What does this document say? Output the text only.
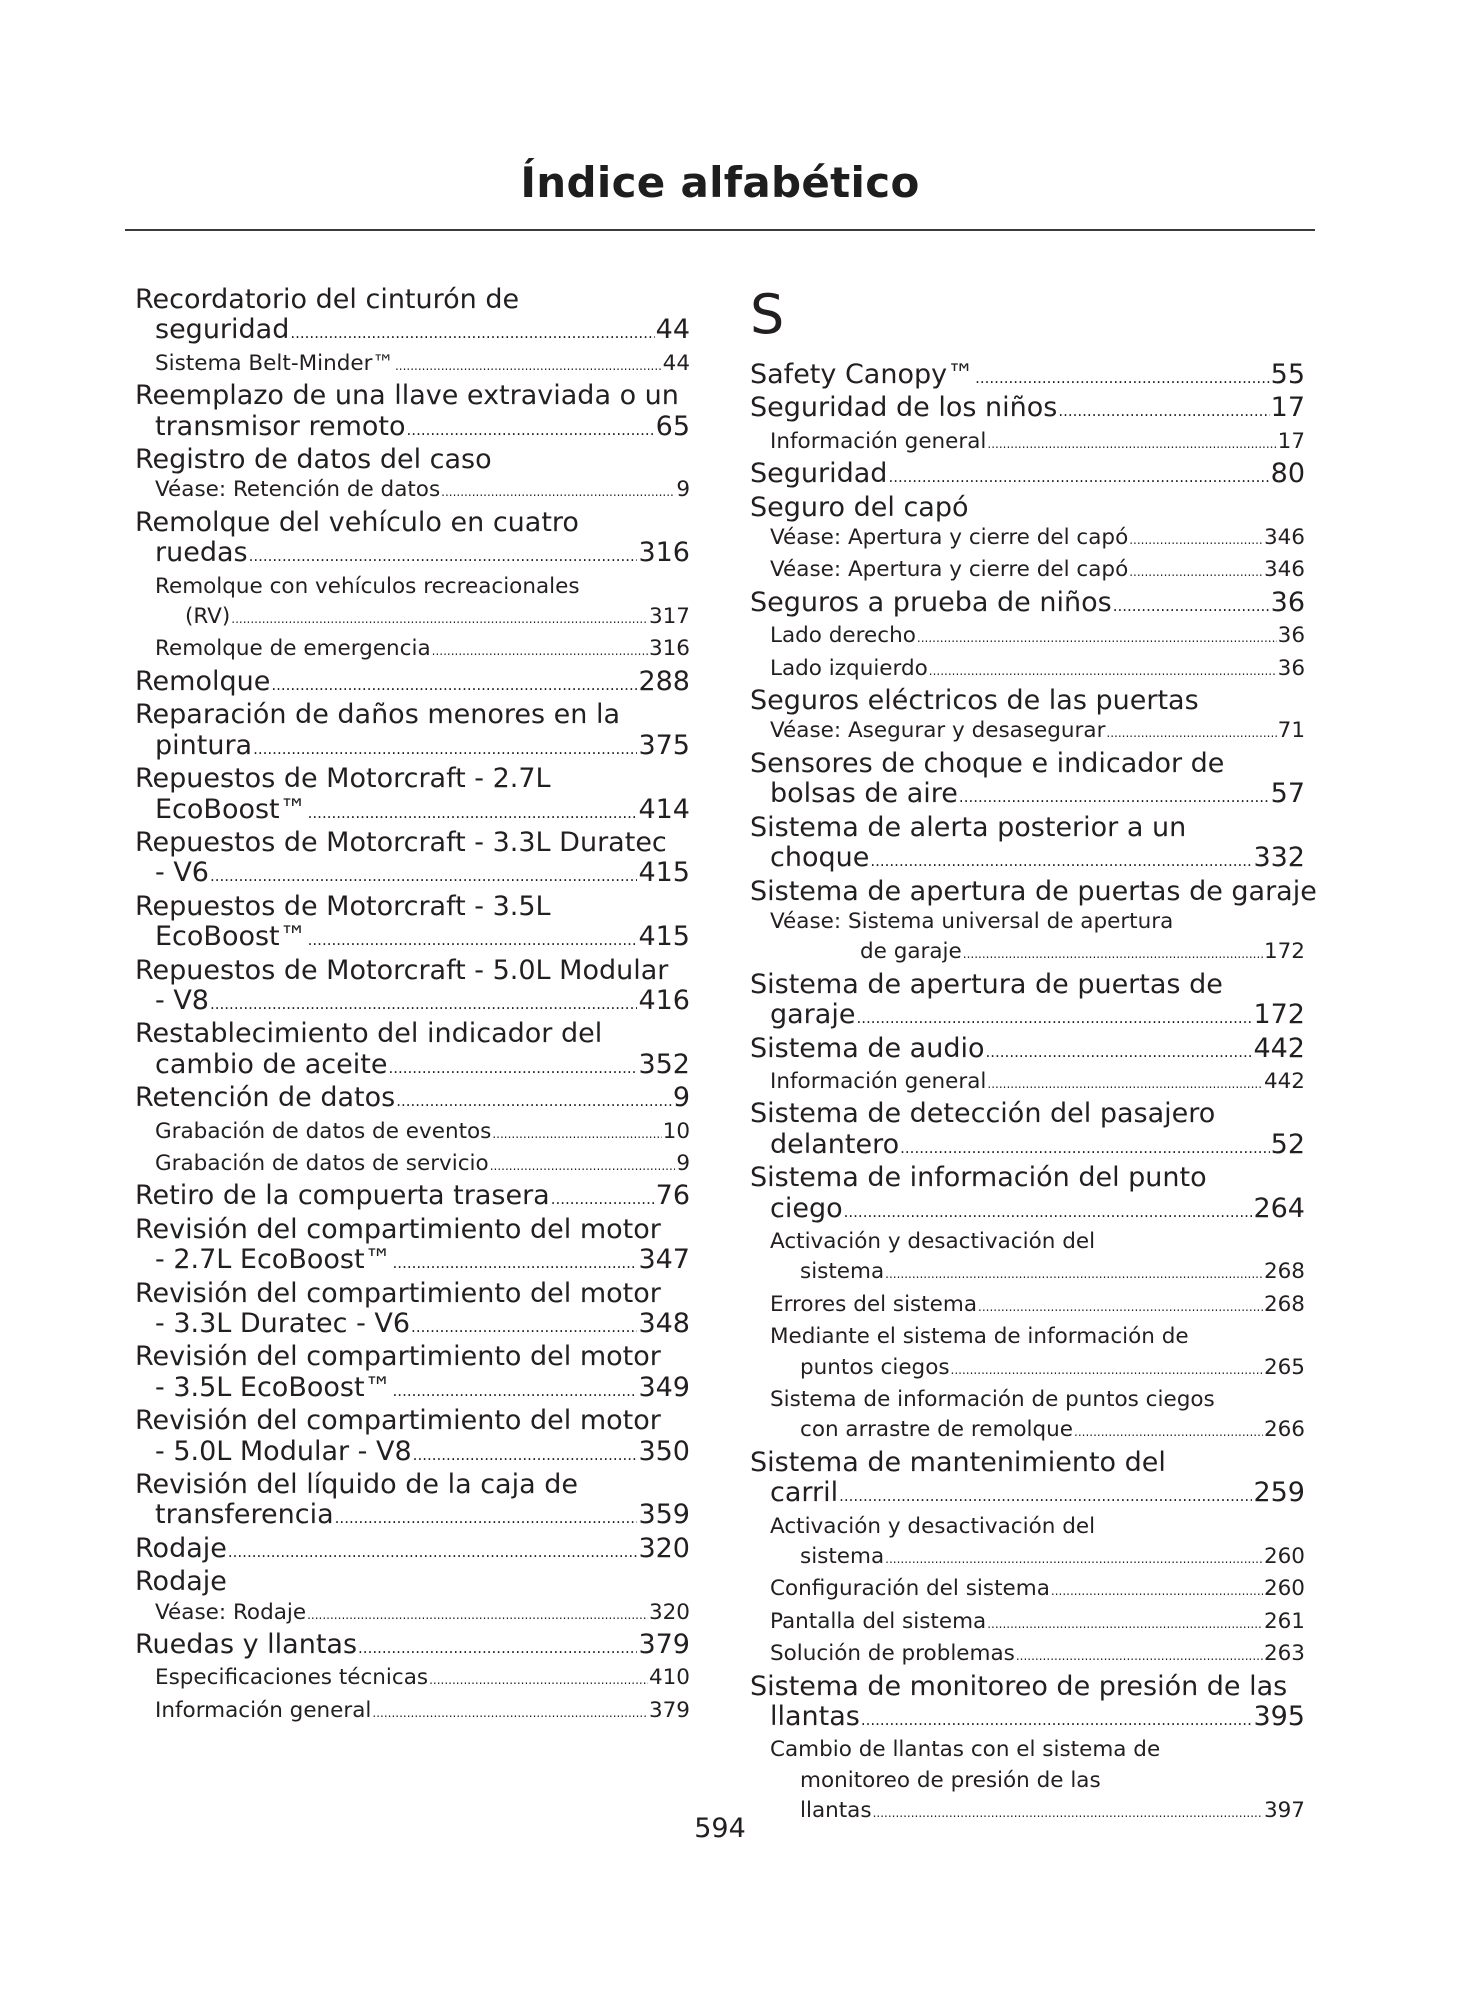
Índice alfabético
Recordatorio del cinturón de
seguridad .....	44
Sistema Belt-Minder™ .....	44
Reemplazo de una llave extraviada o un
transmisor remoto .....	65
Registro de datos del caso
Véase: Retención de datos .....	9
Remolque del vehículo en cuatro
ruedas .....	316
Remolque con vehículos recreacionales
(RV) .....	317
Remolque de emergencia .....	316
Remolque .....	288
Reparación de daños menores en la
pintura .....	375
Repuestos de Motorcraft - 2.7L
EcoBoost™ .....	414
Repuestos de Motorcraft - 3.3L Duratec
- V6 .....	415
Repuestos de Motorcraft - 3.5L
EcoBoost™ .....	415
Repuestos de Motorcraft - 5.0L Modular
- V8 .....	416
Restablecimiento del indicador del
cambio de aceite .....	352
Retención de datos .....	9
Grabación de datos de eventos .....	10
Grabación de datos de servicio .....	9
Retiro de la compuerta trasera .....	76
Revisión del compartimiento del motor
- 2.7L EcoBoost™ .....	347
Revisión del compartimiento del motor
- 3.3L Duratec - V6 .....	348
Revisión del compartimiento del motor
- 3.5L EcoBoost™ .....	349
Revisión del compartimiento del motor
- 5.0L Modular - V8 .....	350
Revisión del líquido de la caja de
transferencia .....	359
Rodaje .....	320
Rodaje
Véase: Rodaje .....	320
Ruedas y llantas .....	379
Especificaciones técnicas .....	410
Información general .....	379
S
Safety Canopy™ .....	55
Seguridad de los niños .....	17
Información general .....	17
Seguridad .....	80
Seguro del capó
Véase: Apertura y cierre del capó .....	346
Véase: Apertura y cierre del capó .....	346
Seguros a prueba de niños .....	36
Lado derecho .....	36
Lado izquierdo .....	36
Seguros eléctricos de las puertas
Véase: Asegurar y desasegurar .....	71
Sensores de choque e indicador de
bolsas de aire .....	57
Sistema de alerta posterior a un
choque .....	332
Sistema de apertura de puertas de garaje
Véase: Sistema universal de apertura
de garaje .....	172
Sistema de apertura de puertas de
garaje .....	172
Sistema de audio .....	442
Información general .....	442
Sistema de detección del pasajero
delantero .....	52
Sistema de información del punto
ciego .....	264
Activación y desactivación del
sistema .....	268
Errores del sistema .....	268
Mediante el sistema de información de
puntos ciegos .....	265
Sistema de información de puntos ciegos
con arrastre de remolque .....	266
Sistema de mantenimiento del
carril .....	259
Activación y desactivación del
sistema .....	260
Configuración del sistema .....	260
Pantalla del sistema .....	261
Solución de problemas .....	263
Sistema de monitoreo de presión de las
llantas .....	395
Cambio de llantas con el sistema de
monitoreo de presión de las
llantas .....	397
594
